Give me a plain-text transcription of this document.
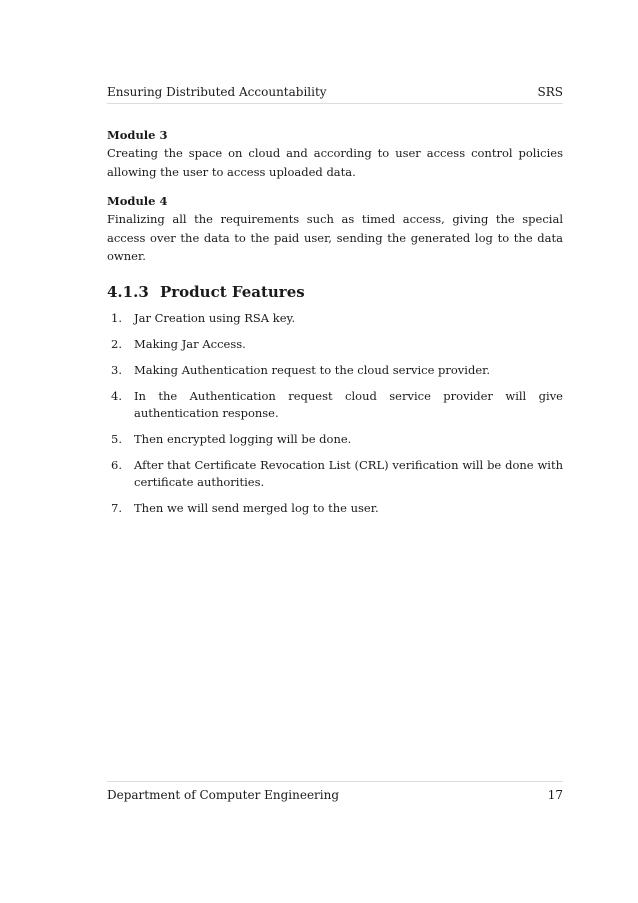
Ensuring Distributed Accountability	SRS
Module 3
Creating the space on cloud and according to user access control policies allowing the user to access uploaded data.
Module 4
Finalizing all the requirements such as timed access, giving the special access over the data to the paid user, sending the generated log to the data owner.
4.1.3 Product Features
1.	Jar Creation using RSA key.
2.	Making Jar Access.
3.	Making Authentication request to the cloud service provider.
4.	In the Authentication request cloud service provider will give authentication response.
5.	Then encrypted logging will be done.
6.	After that Certificate Revocation List (CRL) verification will be done with certificate authorities.
7.	Then we will send merged log to the user.
Department of Computer Engineering	17
